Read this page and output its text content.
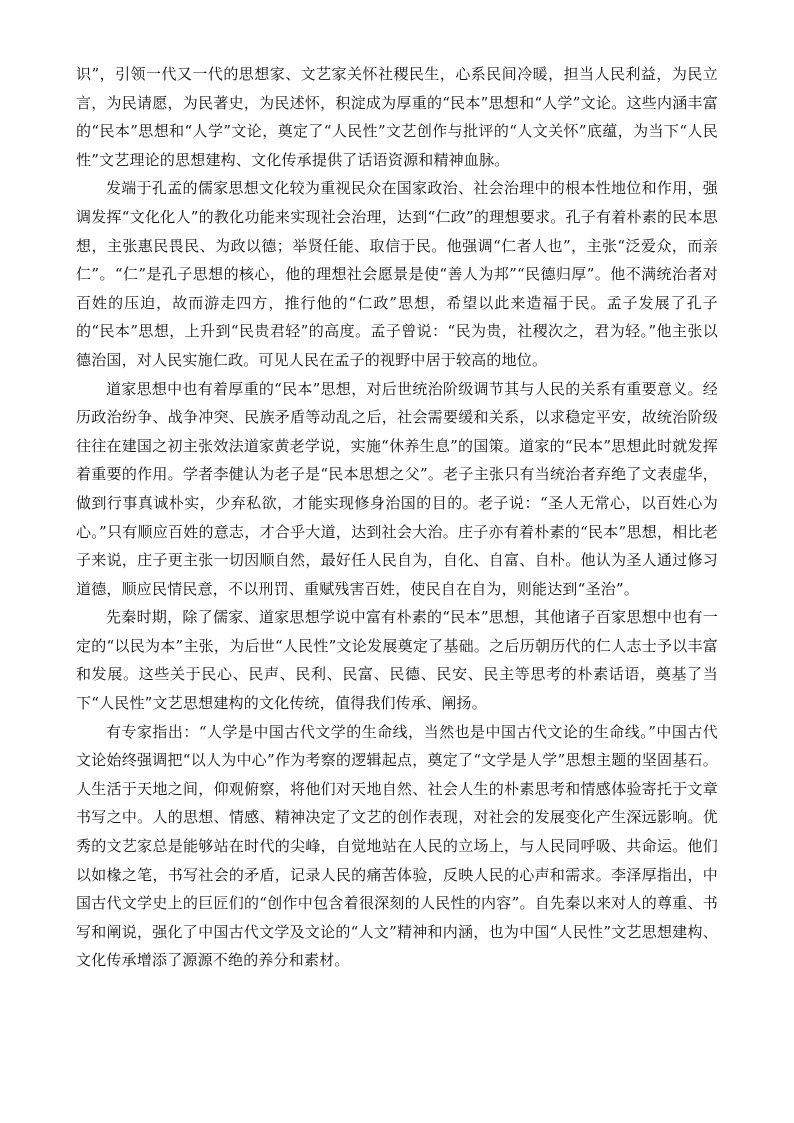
识”，引领一代又一代的思想家、文艺家关怀社稷民生，心系民间冷暖，担当人民利益，为民立言，为民请愿，为民著史，为民述怀，积淀成为厚重的“民本”思想和“人学”文论。这些内涵丰富的“民本”思想和“人学”文论，奠定了“人民性”文艺创作与批评的“人文关怀”底蕴，为当下“人民性”文艺理论的思想建构、文化传承提供了话语资源和精神血脉。

发端于孔孟的儒家思想文化较为重视民众在国家政治、社会治理中的根本性地位和作用，强调发挥“文化化人”的教化功能来实现社会治理，达到“仁政”的理想要求。孔子有着朴素的民本思想，主张惠民畏民、为政以德；举贤任能、取信于民。他强调“仁者人也”，主张“泛爱众，而亲仁”。“仁”是孔子思想的核心，他的理想社会愿景是使“善人为邦”“民德归厚”。他不满统治者对百姓的压迫，故而游走四方，推行他的“仁政”思想，希望以此来造福于民。孟子发展了孔子的“民本”思想，上升到“民贵君轻”的高度。孟子曾说：“民为贵，社稷次之，君为轻。”他主张以德治国，对人民实施仁政。可见人民在孟子的视野中居于较高的地位。

道家思想中也有着厚重的“民本”思想，对后世统治阶级调节其与人民的关系有重要意义。经历政治纷争、战争冲突、民族矛盾等动乱之后，社会需要缓和关系，以求稳定平安，故统治阶级往往在建国之初主张效法道家黄老学说，实施“休养生息”的国策。道家的“民本”思想此时就发挥着重要的作用。学者李健认为老子是“民本思想之父”。老子主张只有当统治者弃绝了文表虚华，做到行事真诚朴实，少弃私欲，才能实现修身治国的目的。老子说：“圣人无常心，以百姓心为心。”只有顺应百姓的意志，才合乎大道，达到社会大治。庄子亦有着朴素的“民本”思想，相比老子来说，庄子更主张一切因顺自然，最好任人民自为，自化、自富、自朴。他认为圣人通过修习道德，顺应民情民意，不以刑罚、重赋残害百姓，使民自在自为，则能达到“圣治”。

先秦时期，除了儒家、道家思想学说中富有朴素的“民本”思想，其他诸子百家思想中也有一定的“以民为本”主张，为后世“人民性”文论发展奠定了基础。之后历朝历代的仁人志士予以丰富和发展。这些关于民心、民声、民利、民富、民德、民安、民主等思考的朴素话语，奠基了当下“人民性”文艺思想建构的文化传统，值得我们传承、阐扬。

有专家指出：“人学是中国古代文学的生命线，当然也是中国古代文论的生命线。”中国古代文论始终强调把“以人为中心”作为考察的逻辑起点，奠定了“文学是人学”思想主题的坚固基石。人生活于天地之间，仰观俯察，将他们对天地自然、社会人生的朴素思考和情感体验寄托于文章书写之中。人的思想、情感、精神决定了文艺的创作表现，对社会的发展变化产生深远影响。优秀的文艺家总是能够站在时代的尖峰，自觉地站在人民的立场上，与人民同呼吸、共命运。他们以如椽之笔，书写社会的矛盾，记录人民的痛苦体验，反映人民的心声和需求。李泽厚指出，中国古代文学史上的巨匠们的“创作中包含着很深刻的人民性的内容”。自先秦以来对人的尊重、书写和阐说，强化了中国古代文学及文论的“人文”精神和内涵，也为中国“人民性”文艺思想建构、文化传承增添了源源不绝的养分和素材。
